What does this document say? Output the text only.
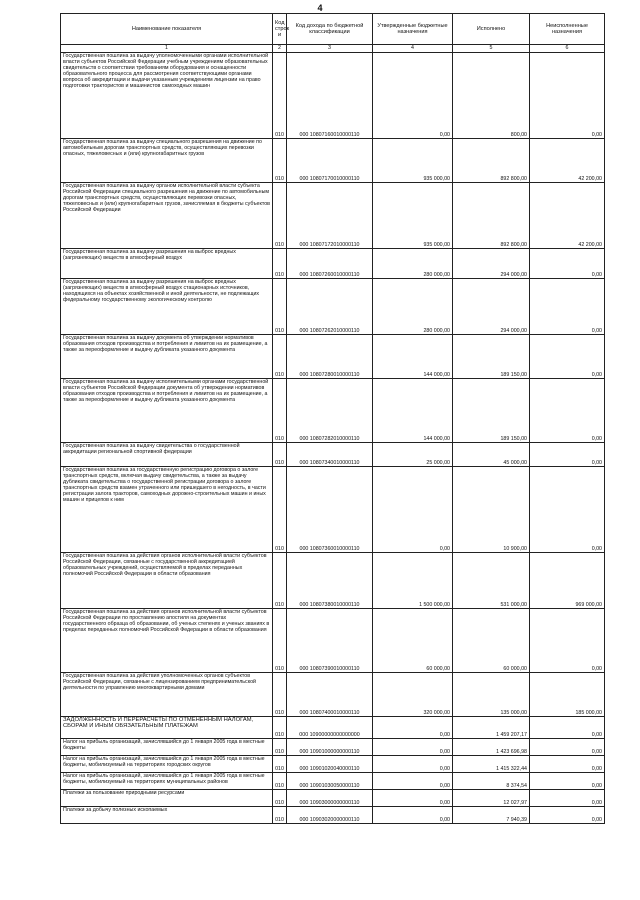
4
Наименование показателя	Код строк и	Код дохода по бюджетной классификации	Утвержденные бюджетные назначения	Исполнено	Неисполненные назначения
1	2	3	4	5	6
Государственная пошлина за выдачу уполномоченными органами исполнительной власти субъектов Российской Федерации учебным учреждениям образовательных свидетельств о соответствии требованиям оборудования и оснащенности образовательного процесса для рассмотрения соответствующими органами вопроса об аккредитации и выдачи указанным учреждениям лицензии на право подготовки трактористов и машинистов самоходных машин	010	000 10807160010000110	0,00	800,00	0,00
Государственная пошлина за выдачу специального разрешения на движение по автомобильным дорогам транспортных средств, осуществляющих перевозки опасных, тяжеловесных и (или) крупногабаритных грузов	010	000 10807170010000110	935 000,00	892 800,00	42 200,00
Государственная пошлина за выдачу органом исполнительной власти субъекта Российской Федерации специального разрешения на движение по автомобильным дорогам транспортных средств, осуществляющих перевозки опасных, тяжеловесных и (или) крупногабаритных грузов, зачисляемая в бюджеты субъектов Российской Федерации	010	000 10807172010000110	935 000,00	892 800,00	42 200,00
Государственная пошлина за выдачу разрешения на выброс вредных (загрязняющих) веществ в атмосферный воздух	010	000 10807260010000110	280 000,00	294 000,00	0,00
Государственная пошлина за выдачу разрешения на выброс вредных (загрязняющих) веществ в атмосферный воздух стационарных источников, находящихся на объектах хозяйственной и иной деятельности, не подлежащих федеральному государственному экологическому контролю	010	000 10807262010000110	280 000,00	294 000,00	0,00
Государственная пошлина за выдачу документа об утверждении нормативов образования отходов производства и потребления и лимитов на их размещение, а также за переоформление и выдачу дубликата указанного документа	010	000 10807280010000110	144 000,00	189 150,00	0,00
Государственная пошлина за выдачу исполнительными органами государственной власти субъектов Российской Федерации документа об утверждении нормативов образования отходов производства и потребления и лимитов на их размещение, а также за переоформление и выдачу дубликата указанного документа	010	000 10807282010000110	144 000,00	189 150,00	0,00
Государственная пошлина за выдачу свидетельства о государственной аккредитации региональной спортивной федерации	010	000 10807340010000110	25 000,00	45 000,00	0,00
Государственная пошлина за государственную регистрацию договора о залоге транспортных средств, включая выдачу свидетельства, а также за выдачу дубликата свидетельства о государственной регистрации договора о залоге транспортных средств взамен утраченного или пришедшего в негодность, в части регистрации залога тракторов, самоходных дорожно-строительных машин и иных машин и прицепов к ним	010	000 10807360010000110	0,00	10 900,00	0,00
Государственная пошлина за действия органов исполнительной власти субъектов Российской Федерации, связанные с государственной аккредитацией образовательных учреждений, осуществляемой в пределах переданных полномочий Российской Федерации в области образования	010	000 10807380010000110	1 500 000,00	531 000,00	969 000,00
Государственная пошлина за действия органов исполнительной власти субъектов Российской Федерации по проставлению апостиля на документах государственного образца об образовании, об ученых степенях и ученых званиях в пределах переданных полномочий Российской Федерации в области образования	010	000 10807390010000110	60 000,00	60 000,00	0,00
Государственная пошлина за действия уполномоченных органов субъектов Российской Федерации, связанные с лицензированием предпринимательской деятельности по управлению многоквартирными домами	010	000 10807400010000110	320 000,00	135 000,00	185 000,00
ЗАДОЛЖЕННОСТЬ И ПЕРЕРАСЧЕТЫ ПО ОТМЕНЕННЫМ НАЛОГАМ, СБОРАМ И ИНЫМ ОБЯЗАТЕЛЬНЫМ ПЛАТЕЖАМ	010	000 10900000000000000	0,00	1 459 207,17	0,00
Налог на прибыль организаций, зачислявшийся до 1 января 2005 года в местные бюджеты	010	000 10901000000000110	0,00	1 423 696,98	0,00
Налог на прибыль организаций, зачислявшийся до 1 января 2005 года в местные бюджеты, мобилизуемый на территориях городских округов	010	000 10901020040000110	0,00	1 415 322,44	0,00
Налог на прибыль организаций, зачислявшийся до 1 января 2005 года в местные бюджеты, мобилизуемый на территориях муниципальных районов	010	000 10901030050000110	0,00	8 374,54	0,00
Платежи за пользование природными ресурсами	010	000 10903000000000110	0,00	12 027,97	0,00
Платежи за добычу полезных ископаемых	010	000 10903020000000110	0,00	7 940,39	0,00
